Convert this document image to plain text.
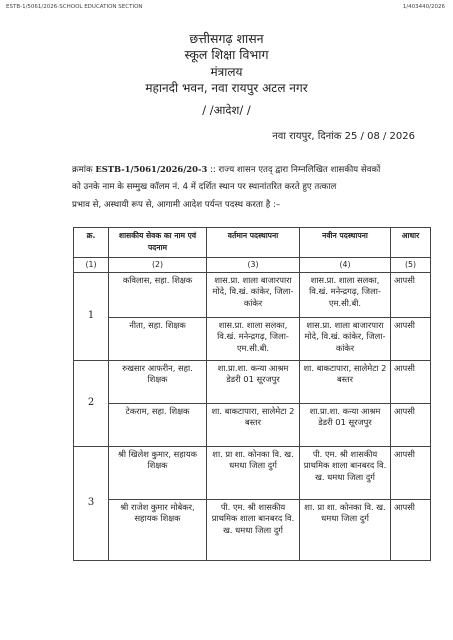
ESTB-1/5061/2026-SCHOOL EDUCATION SECTION	1/403440/2026
छत्तीसगढ़ शासन
स्कूल शिक्षा विभाग
मंत्रालय
महानदी भवन, नवा रायपुर अटल नगर
/ /आदेश/ /
नवा रायपुर, दिनांक 25 / 08 / 2026
क्रमांक ESTB-1/5061/2026/20-3 :: राज्य शासन एतद् द्वारा निम्नलिखित शासकीय सेवकों
को उनके नाम के सम्मुख कॉलम नं. 4 में दर्शित स्थान पर स्थानांतरित करते हुए तत्काल
प्रभाव से, अस्थायी रूप से, आगामी आदेश पर्यन्त पदस्थ करता है :–
क्र.	शासकीय सेवक का नाम एवं पदनाम	वर्तमान पदस्थापना	नवीन पदस्थापना	आधार
(1)	(2)	(3)	(4)	(5)
1	कविलास, सहा. शिक्षक	शास.प्रा. शाला बाजारपारा मोदे, वि.खं. कांकेर, जिला-कांकेर	शास.प्रा. शाला सलका, वि.खं. मनेन्द्रगढ़, जिला-एम.सी.बी.	आपसी
	नीता, सहा. शिक्षक	शास.प्रा. शाला सलका, वि.खं. मनेन्द्रगढ़, जिला-एम.सी.बी.	शास.प्रा. शाला बाजारपारा मोदे, वि.खं. कांकेर, जिला-कांकेर	आपसी
2	रुखसार आफरीन, सहा. शिक्षक	शा.प्रा.शा. कन्या आश्रम डेडरी 01 सूरजपुर	शा. बाकटापारा, सालेमेटा 2 बस्तर	आपसी
	टेकराम, सहा. शिक्षक	शा. बाकटापारा, सालेमेटा 2 बस्तर	शा.प्रा.शा. कन्या आश्रम डेडरी 01 सूरजपुर	आपसी
3	श्री खिलेश कुमार, सहायक शिक्षक	शा. प्रा शा. कोनका वि. ख. धमधा जिला दुर्ग	पी. एम. श्री शासकीय प्राथमिक शाला बानबरद वि. ख. धमधा जिला दुर्ग	आपसी
	श्री राजेश कुमार मोबेकर, सहायक शिक्षक	पी. एम. श्री शासकीय प्राथमिक शाला बानबरद वि. ख. धमधा जिला दुर्ग	शा. प्रा शा. कोनका वि. ख. धमधा जिला दुर्ग	आपसी
